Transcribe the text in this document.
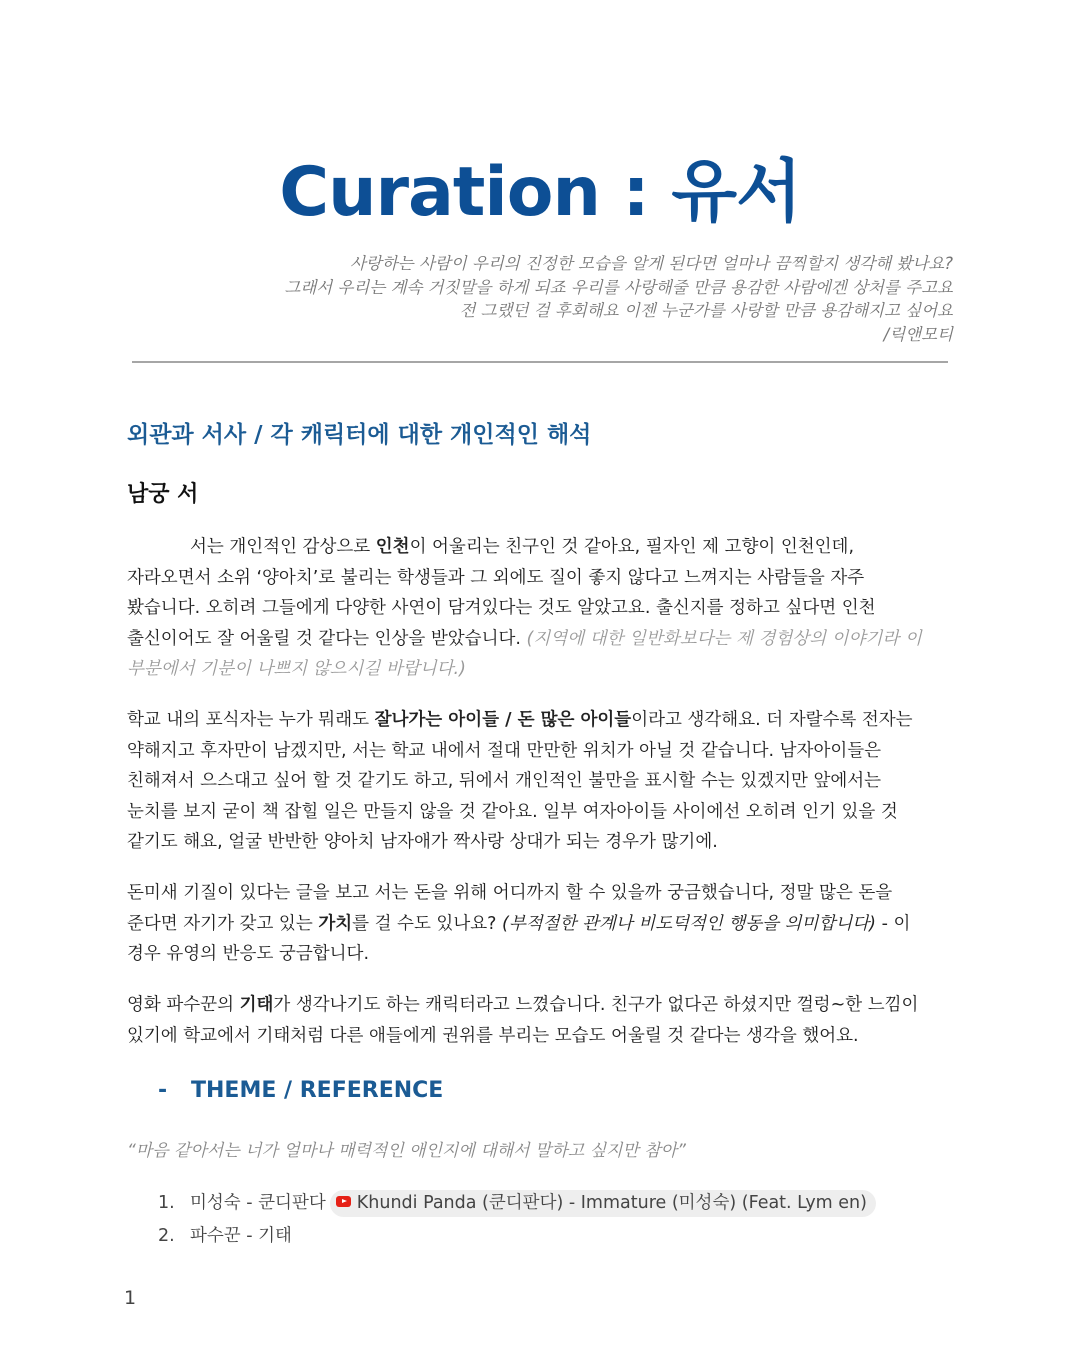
Curation : 유서
사랑하는 사람이 우리의 진정한 모습을 알게 된다면 얼마나 끔찍할지 생각해 봤나요?
그래서 우리는 계속 거짓말을 하게 되죠 우리를 사랑해줄 만큼 용감한 사람에겐 상처를 주고요
전 그랬던 걸 후회해요 이젠 누군가를 사랑할 만큼 용감해지고 싶어요
/릭앤모티
외관과 서사 / 각 캐릭터에 대한 개인적인 해석
남궁 서
서는 개인적인 감상으로 인천이 어울리는 친구인 것 같아요, 필자인 제 고향이 인천인데,
자라오면서 소위 ‘양아치’로 불리는 학생들과 그 외에도 질이 좋지 않다고 느껴지는 사람들을 자주
봤습니다. 오히려 그들에게 다양한 사연이 담겨있다는 것도 알았고요. 출신지를 정하고 싶다면 인천
출신이어도 잘 어울릴 것 같다는 인상을 받았습니다. (지역에 대한 일반화보다는 제 경험상의 이야기라 이
부분에서 기분이 나쁘지 않으시길 바랍니다.)
학교 내의 포식자는 누가 뭐래도 잘나가는 아이들 / 돈 많은 아이들이라고 생각해요. 더 자랄수록 전자는
약해지고 후자만이 남겠지만, 서는 학교 내에서 절대 만만한 위치가 아닐 것 같습니다. 남자아이들은
친해져서 으스대고 싶어 할 것 같기도 하고, 뒤에서 개인적인 불만을 표시할 수는 있겠지만 앞에서는
눈치를 보지 굳이 책 잡힐 일은 만들지 않을 것 같아요. 일부 여자아이들 사이에선 오히려 인기 있을 것
같기도 해요, 얼굴 반반한 양아치 남자애가 짝사랑 상대가 되는 경우가 많기에.
돈미새 기질이 있다는 글을 보고 서는 돈을 위해 어디까지 할 수 있을까 궁금했습니다, 정말 많은 돈을
준다면 자기가 갖고 있는 가치를 걸 수도 있나요? (부적절한 관계나 비도덕적인 행동을 의미합니다) - 이
경우 유영의 반응도 궁금합니다.
영화 파수꾼의 기태가 생각나기도 하는 캐릭터라고 느꼈습니다. 친구가 없다곤 하셨지만 껄렁~한 느낌이
있기에 학교에서 기태처럼 다른 애들에게 권위를 부리는 모습도 어울릴 것 같다는 생각을 했어요.
- THEME / REFERENCE
“마음 같아서는 너가 얼마나 매력적인 애인지에 대해서 말하고 싶지만 참아”
1. 미성숙 - 쿤디판다 Khundi Panda (쿤디판다) - Immature (미성숙) (Feat. Lym en)
2. 파수꾼 - 기태
1
